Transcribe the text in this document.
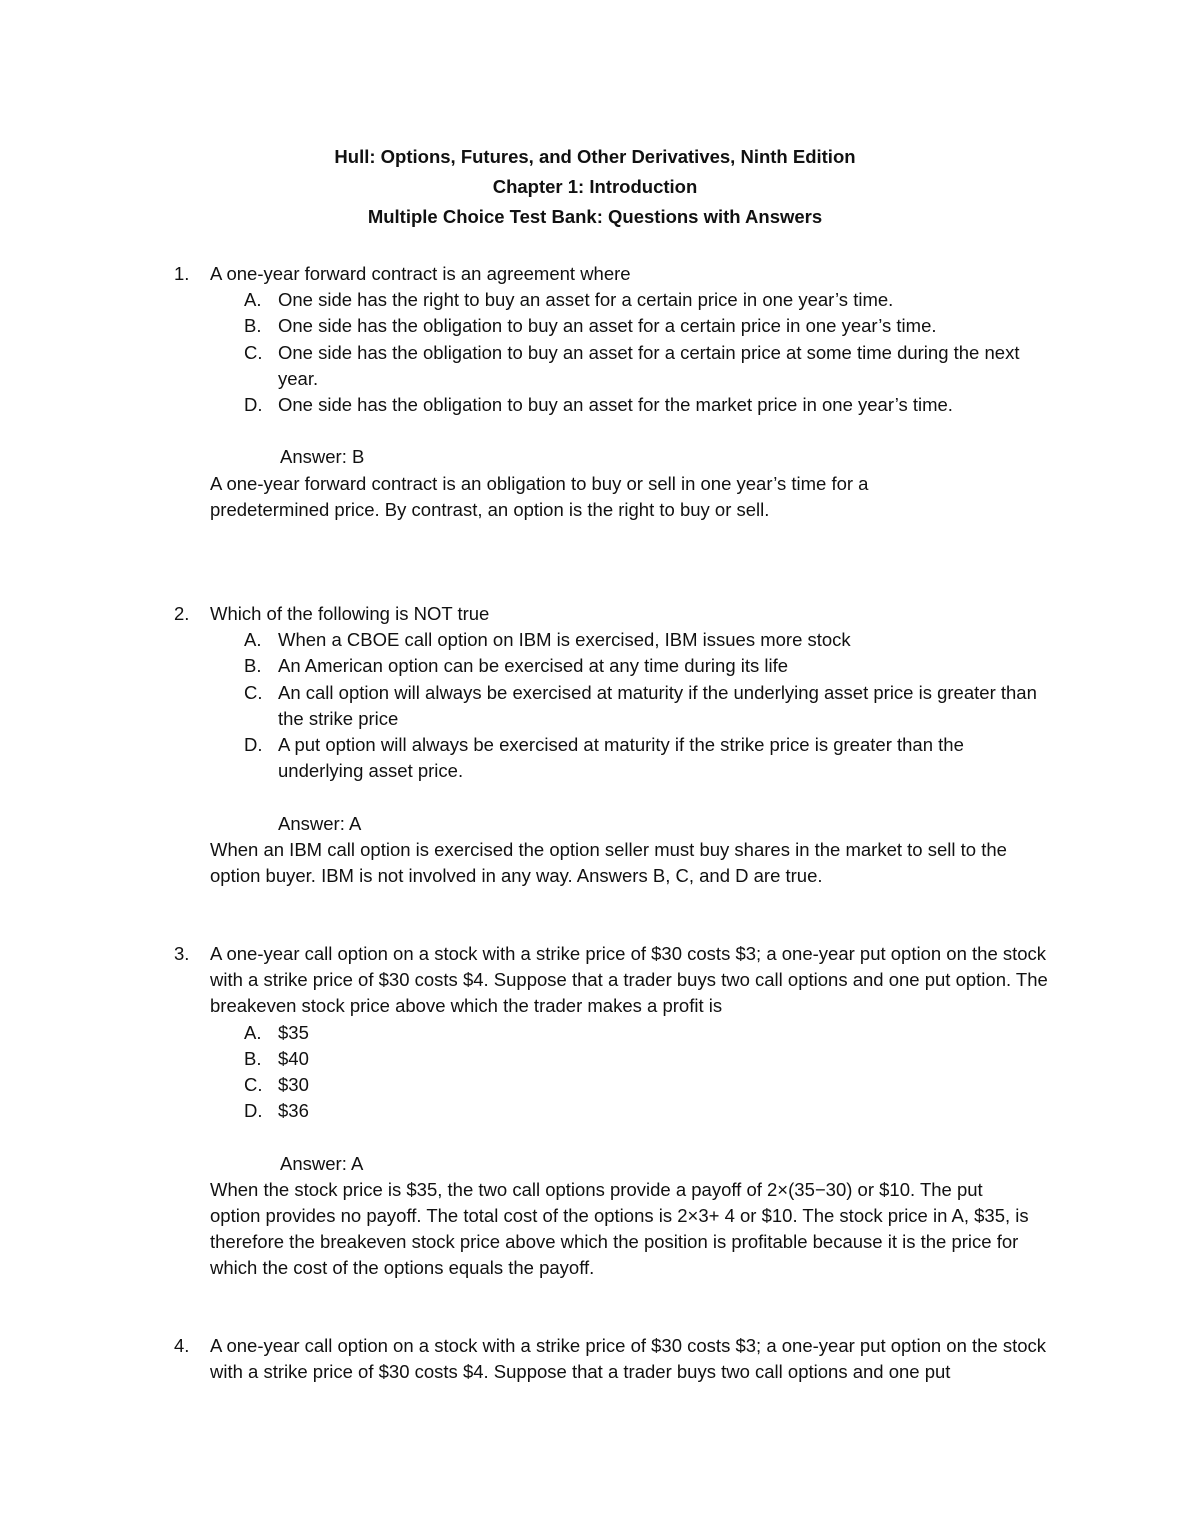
Hull: Options, Futures, and Other Derivatives, Ninth Edition
Chapter 1: Introduction
Multiple Choice Test Bank: Questions with Answers
1. A one-year forward contract is an agreement where
A. One side has the right to buy an asset for a certain price in one year’s time.
B. One side has the obligation to buy an asset for a certain price in one year’s time.
C. One side has the obligation to buy an asset for a certain price at some time during the next year.
D. One side has the obligation to buy an asset for the market price in one year’s time.
Answer: B
A one-year forward contract is an obligation to buy or sell in one year’s time for a predetermined price. By contrast, an option is the right to buy or sell.
2. Which of the following is NOT true
A. When a CBOE call option on IBM is exercised, IBM issues more stock
B. An American option can be exercised at any time during its life
C. An call option will always be exercised at maturity if the underlying asset price is greater than the strike price
D. A put option will always be exercised at maturity if the strike price is greater than the underlying asset price.
Answer: A
When an IBM call option is exercised the option seller must buy shares in the market to sell to the option buyer. IBM is not involved in any way. Answers B, C, and D are true.
3. A one-year call option on a stock with a strike price of $30 costs $3; a one-year put option on the stock with a strike price of $30 costs $4. Suppose that a trader buys two call options and one put option. The breakeven stock price above which the trader makes a profit is
A. $35
B. $40
C. $30
D. $36
Answer: A
When the stock price is $35, the two call options provide a payoff of 2×(35−30) or $10. The put option provides no payoff. The total cost of the options is 2×3+ 4 or $10. The stock price in A, $35, is therefore the breakeven stock price above which the position is profitable because it is the price for which the cost of the options equals the payoff.
4. A one-year call option on a stock with a strike price of $30 costs $3; a one-year put option on the stock with a strike price of $30 costs $4. Suppose that a trader buys two call options and one put
